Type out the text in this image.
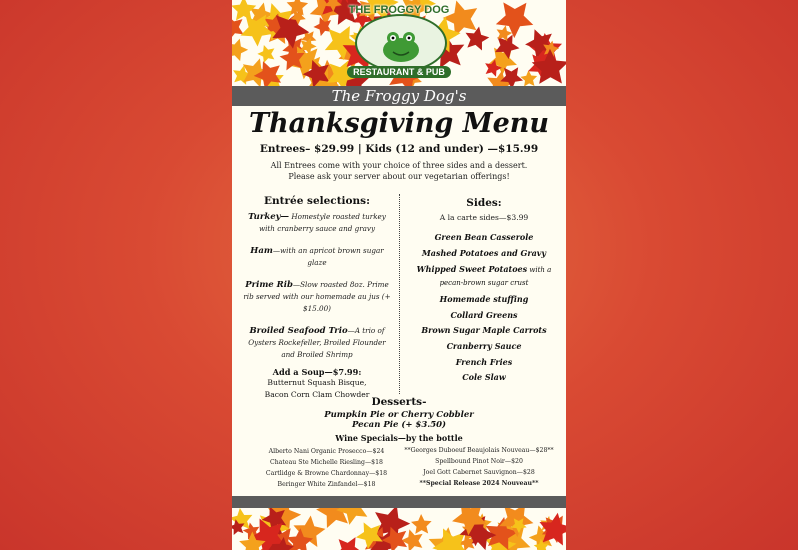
THE FROGGY DOG
RESTAURANT & PUB
The Froggy Dog's
Thanksgiving Menu
Entrees– $29.99 | Kids (12 and under) —$15.99
All Entrees come with your choice of three sides and a dessert.
Please ask your server about our vegetarian offerings!
Entrée selections:
Turkey— Homestyle roasted turkey with cranberry sauce and gravy
Ham—with an apricot brown sugar glaze
Prime Rib—Slow roasted 8oz. Prime rib served with our homemade au jus (+ $15.00)
Broiled Seafood Trio—A trio of Oysters Rockefeller, Broiled Flounder and Broiled Shrimp
Add a Soup—$7.99:
Butternut Squash Bisque,
Bacon Corn Clam Chowder
Sides:
A la carte sides—$3.99
Green Bean Casserole
Mashed Potatoes and Gravy
Whipped Sweet Potatoes with a pecan-brown sugar crust
Homemade stuffing
Collard Greens
Brown Sugar Maple Carrots
Cranberry Sauce
French Fries
Cole Slaw
Desserts-
Pumpkin Pie or Cherry Cobbler
Pecan Pie (+ $3.50)
Wine Specials—by the bottle
Alberto Nani Organic Prosecco—$24
Chateau Ste Michelle Riesling—$18
Cartlidge & Browne Chardonnay—$18
Beringer White Zinfandel—$18
**Georges Duboeuf Beaujolais Nouveau—$28**
Spellbound Pinot Noir—$20
Joel Gott Cabernet Sauvignon—$28
**Special Release 2024 Nouveau**
